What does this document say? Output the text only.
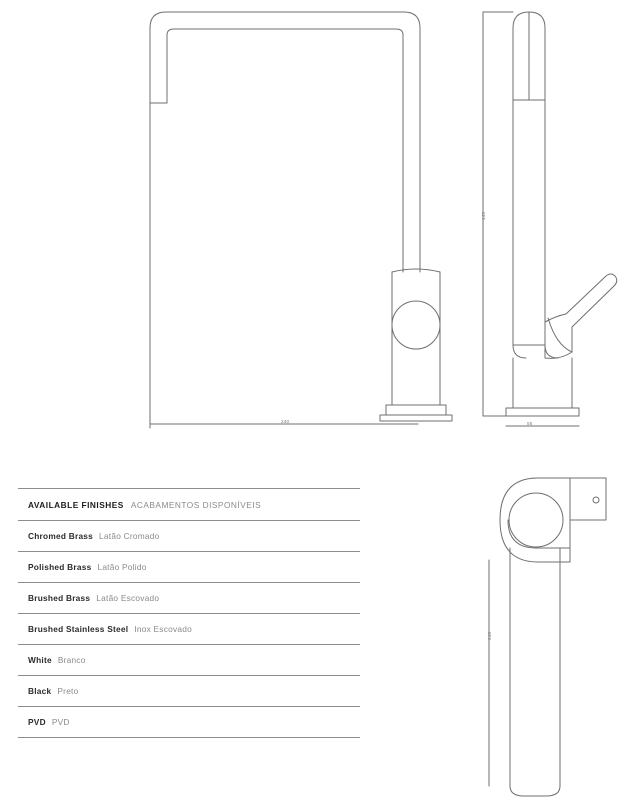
240	55
445
240
AVAILABLE FINISHES ACABAMENTOS DISPONÍVEIS
Chromed Brass Latão Cromado
Polished Brass Latão Polido
Brushed Brass Latão Escovado
Brushed Stainless Steel Inox Escovado
White Branco
Black Preto
PVD PVD
